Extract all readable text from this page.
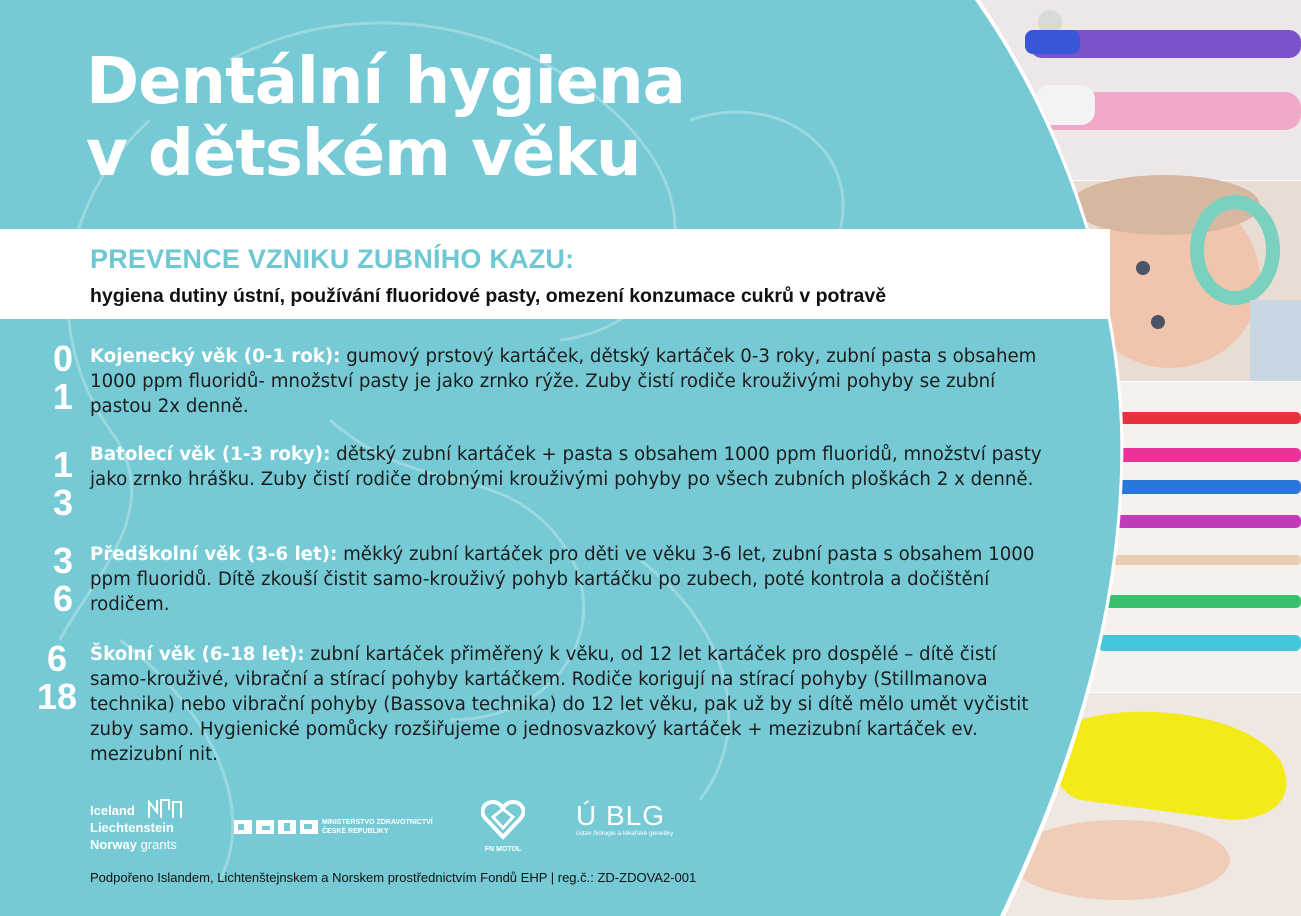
Dentální hygiena
v dětském věku
PREVENCE VZNIKU ZUBNÍHO KAZU:
hygiena dutiny ústní, používání fluoridové pasty, omezení konzumace cukrů v potravě
0
1
Kojenecký věk (0-1 rok): gumový prstový kartáček, dětský kartáček 0-3 roky, zubní pasta s obsahem 1000 ppm fluoridů- množství pasty je jako zrnko rýže. Zuby čistí rodiče krouživými pohyby se zubní pastou 2x denně.
1
3
Batolecí věk (1-3 roky): dětský zubní kartáček + pasta s obsahem 1000 ppm fluoridů, množství pasty jako zrnko hrášku. Zuby čistí rodiče drobnými krouživými pohyby po všech zubních ploškách 2 x denně.
3
6
Předškolní věk (3-6 let): měkký zubní kartáček pro děti ve věku 3-6 let, zubní pasta s obsahem 1000 ppm fluoridů. Dítě zkouší čistit samo-krouživý pohyb kartáčku po zubech, poté kontrola a dočištění rodičem.
6
18
Školní věk (6-18 let): zubní kartáček přiměřený k věku, od 12 let kartáček pro dospělé – dítě čistí samo-krouživé, vibrační a stírací pohyby kartáčkem. Rodiče korigují na stírací pohyby (Stillmanova technika) nebo vibrační pohyby (Bassova technika) do 12 let věku, pak už by si dítě mělo umět vyčistit zuby samo. Hygienické pomůcky rozšiřujeme o jednosvazkový kartáček + mezizubní kartáček ev. mezizubní nit.
Iceland
Liechtenstein
Norway grants
MINISTERSTVO ZDRAVOTNICTVÍ
ČESKÉ REPUBLIKY
FN MOTOL
Ú BLG
ústav biologie a lékařské genetiky
Podpořeno Islandem, Lichtenštejnskem a Norskem prostřednictvím Fondů EHP | reg.č.: ZD-ZDOVA2-001
